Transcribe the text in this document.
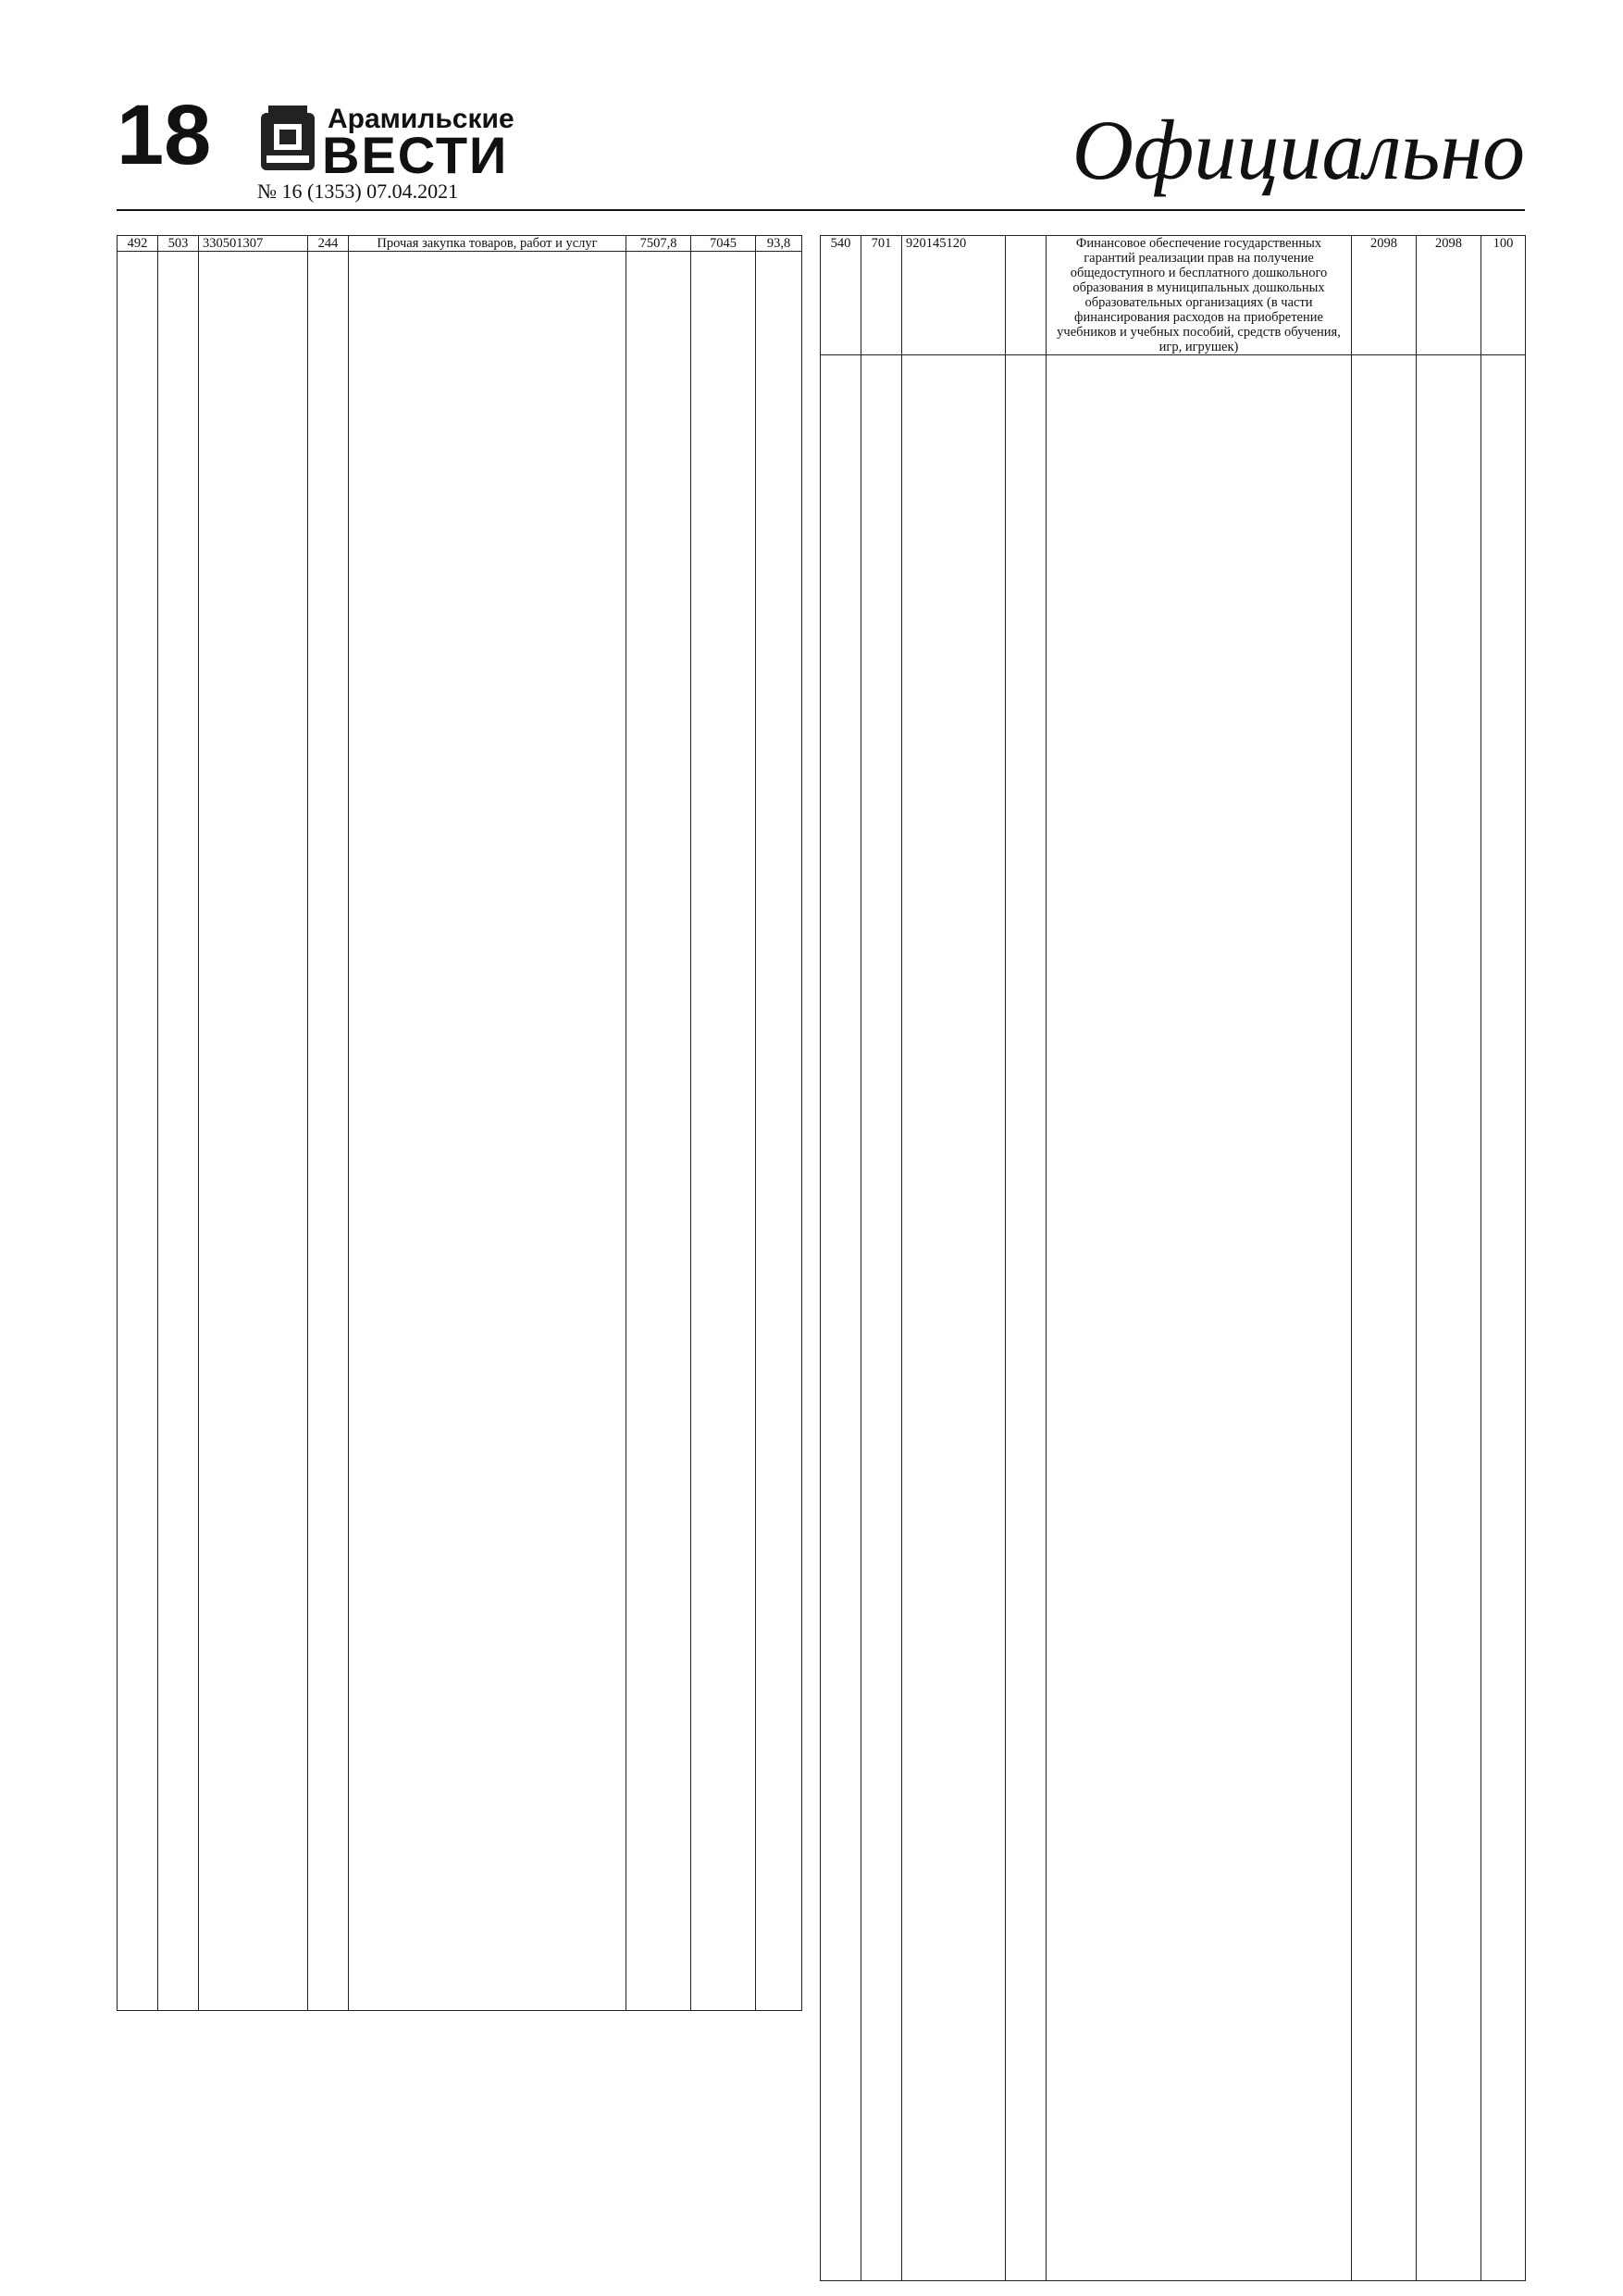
18	Арамильские
ВЕСТИ
№ 16 (1353) 07.04.2021	Официально
492	503	330501307	244	Прочая закупка товаров, работ и услуг	7507,8	7045	93,8
								540	701	920145120		Финансовое обеспечение государственных гарантий реализации прав на получение общедоступного и бесплатного дошкольного образования в муниципальных дошкольных образовательных организациях (в части финансирования расходов на приобретение учебников и учебных пособий, средств обучения, игр, игрушек)	2098	2098	100
